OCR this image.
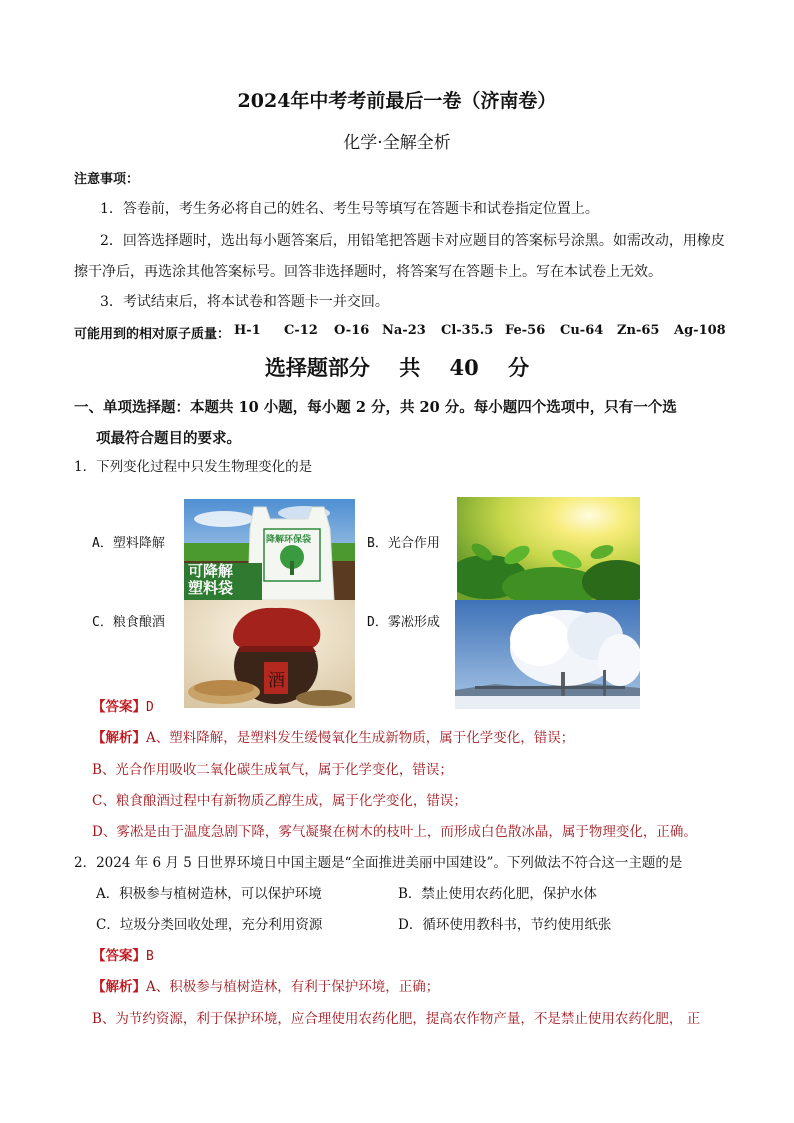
2024年中考考前最后一卷（济南卷）
化学·全解全析
注意事项：
1．答卷前，考生务必将自己的姓名、考生号等填写在答题卡和试卷指定位置上。
2．回答选择题时，选出每小题答案后，用铅笔把答题卡对应题目的答案标号涂黑。如需改动，用橡皮
擦干净后，再选涂其他答案标号。回答非选择题时，将答案写在答题卡上。写在本试卷上无效。
3．考试结束后，将本试卷和答题卡一并交回。
可能用到的相对原子质量： H-1 C-12 O-16 Na-23 Cl-35.5 Fe-56 Cu-64 Zn-65 Ag-108
选择题部分 共 40 分
一、单项选择题：本题共 10 小题，每小题 2 分，共 20 分。每小题四个选项中，只有一个选
项最符合题目的要求。
1．下列变化过程中只发生物理变化的是
A．塑料降解	B．光合作用
C．粮食酿酒	D．雾凇形成
可降解
塑料袋
降解环保袋
酒
【答案】D
【解析】A、塑料降解，是塑料发生缓慢氧化生成新物质，属于化学变化，错误；
B、光合作用吸收二氧化碳生成氧气，属于化学变化，错误；
C、粮食酿酒过程中有新物质乙醇生成，属于化学变化，错误；
D、雾凇是由于温度急剧下降，雾气凝聚在树木的枝叶上，而形成白色散冰晶，属于物理变化，正确。
2．2024 年 6 月 5 日世界环境日中国主题是“全面推进美丽中国建设”。下列做法不符合这一主题的是
A．积极参与植树造林，可以保护环境	B．禁止使用农药化肥，保护水体
C．垃圾分类回收处理，充分利用资源	D．循环使用教科书，节约使用纸张
【答案】B
【解析】A、积极参与植树造林，有利于保护环境，正确；
B、为节约资源，利于保护环境，应合理使用农药化肥，提高农作物产量，不是禁止使用农药化肥， 正
